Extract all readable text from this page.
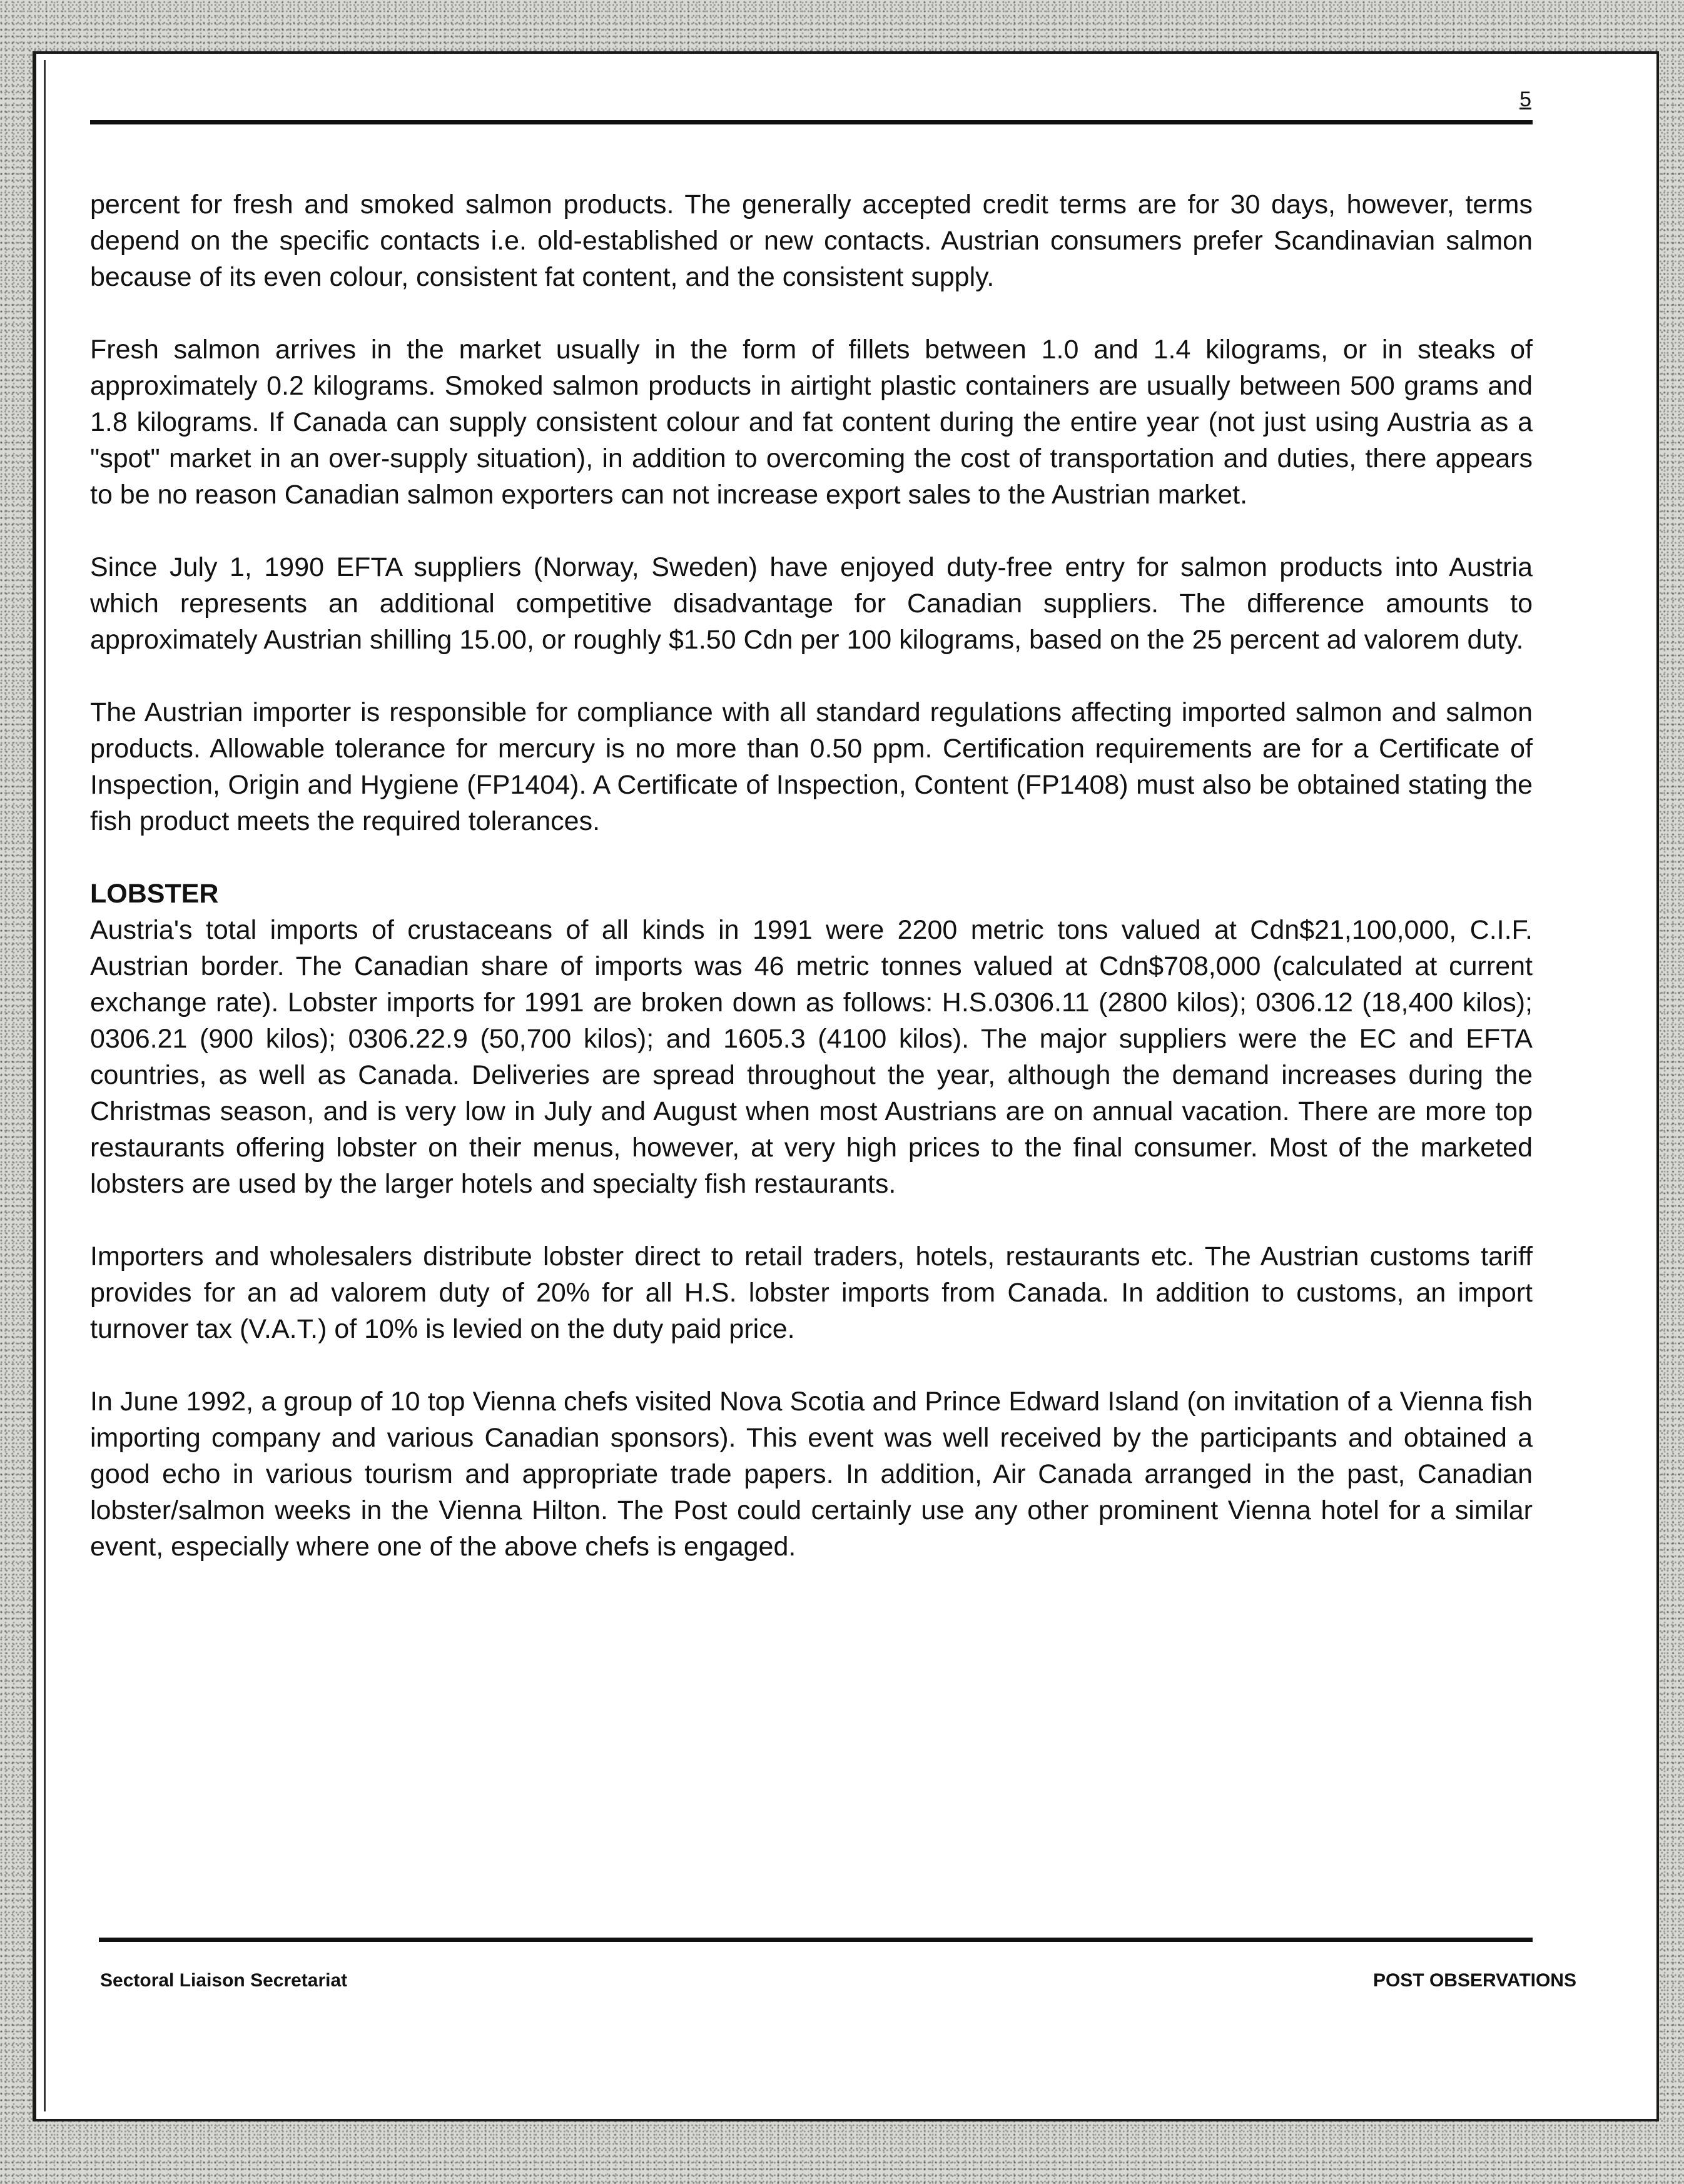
5

percent for fresh and smoked salmon products. The generally accepted credit terms are for 30 days, however, terms depend on the specific contacts i.e. old-established or new contacts. Austrian consumers prefer Scandinavian salmon because of its even colour, consistent fat content, and the consistent supply.

Fresh salmon arrives in the market usually in the form of fillets between 1.0 and 1.4 kilograms, or in steaks of approximately 0.2 kilograms. Smoked salmon products in airtight plastic containers are usually between 500 grams and 1.8 kilograms. If Canada can supply consistent colour and fat content during the entire year (not just using Austria as a "spot" market in an over-supply situation), in addition to overcoming the cost of transportation and duties, there appears to be no reason Canadian salmon exporters can not increase export sales to the Austrian market.

Since July 1, 1990 EFTA suppliers (Norway, Sweden) have enjoyed duty-free entry for salmon products into Austria which represents an additional competitive disadvantage for Canadian suppliers. The difference amounts to approximately Austrian shilling 15.00, or roughly $1.50 Cdn per 100 kilograms, based on the 25 percent ad valorem duty.

The Austrian importer is responsible for compliance with all standard regulations affecting imported salmon and salmon products. Allowable tolerance for mercury is no more than 0.50 ppm. Certification requirements are for a Certificate of Inspection, Origin and Hygiene (FP1404). A Certificate of Inspection, Content (FP1408) must also be obtained stating the fish product meets the required tolerances.

LOBSTER

Austria's total imports of crustaceans of all kinds in 1991 were 2200 metric tons valued at Cdn$21,100,000, C.I.F. Austrian border. The Canadian share of imports was 46 metric tonnes valued at Cdn$708,000 (calculated at current exchange rate). Lobster imports for 1991 are broken down as follows: H.S.0306.11 (2800 kilos); 0306.12 (18,400 kilos); 0306.21 (900 kilos); 0306.22.9 (50,700 kilos); and 1605.3 (4100 kilos). The major suppliers were the EC and EFTA countries, as well as Canada. Deliveries are spread throughout the year, although the demand increases during the Christmas season, and is very low in July and August when most Austrians are on annual vacation. There are more top restaurants offering lobster on their menus, however, at very high prices to the final consumer. Most of the marketed lobsters are used by the larger hotels and specialty fish restaurants.

Importers and wholesalers distribute lobster direct to retail traders, hotels, restaurants etc. The Austrian customs tariff provides for an ad valorem duty of 20% for all H.S. lobster imports from Canada. In addition to customs, an import turnover tax (V.A.T.) of 10% is levied on the duty paid price.

In June 1992, a group of 10 top Vienna chefs visited Nova Scotia and Prince Edward Island (on invitation of a Vienna fish importing company and various Canadian sponsors). This event was well received by the participants and obtained a good echo in various tourism and appropriate trade papers. In addition, Air Canada arranged in the past, Canadian lobster/salmon weeks in the Vienna Hilton. The Post could certainly use any other prominent Vienna hotel for a similar event, especially where one of the above chefs is engaged.

Sectoral Liaison Secretariat	POST OBSERVATIONS
